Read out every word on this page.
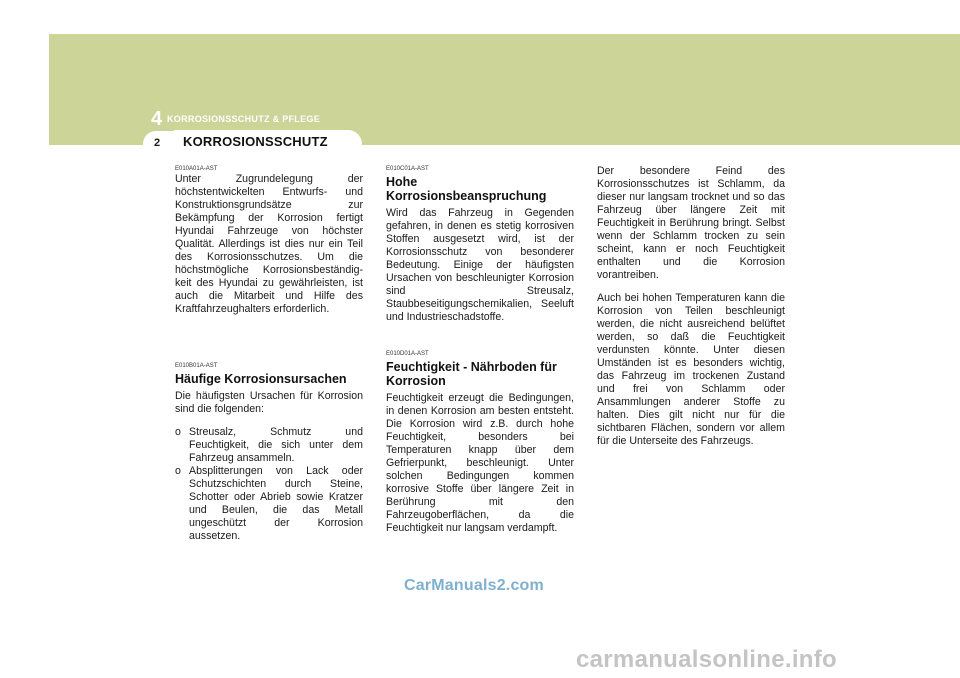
4 KORROSIONSSCHUTZ & PFLEGE
2 KORROSIONSSCHUTZ

E010A01A-AST

Unter Zugrundelegung der höchstentwickelten Entwurfs- und Konstruktionsgrundsätze zur Bekämpfung der Korrosion fertigt Hyundai Fahrzeuge von höchster Qualität. Allerdings ist dies nur ein Teil des Korrosionsschutzes. Um die höchstmögliche Korrosionsbeständig-keit des Hyundai zu gewährleisten, ist auch die Mitarbeit und Hilfe des Kraftfahrzeughalters erforderlich.

E010B01A-AST

Häufige Korrosionsursachen

Die häufigsten Ursachen für Korrosion sind die folgenden:

o Streusalz, Schmutz und Feuchtigkeit, die sich unter dem Fahrzeug ansammeln.
o Absplitterungen von Lack oder Schutzschichten durch Steine, Schotter oder Abrieb sowie Kratzer und Beulen, die das Metall ungeschützt der Korrosion aussetzen.

E010C01A-AST

Hohe Korrosionsbeanspruchung

Wird das Fahrzeug in Gegenden gefahren, in denen es stetig korrosiven Stoffen ausgesetzt wird, ist der Korrosionsschutz von besonderer Bedeutung. Einige der häufigsten Ursachen von beschleunigter Korrosion sind Streusalz, Staubbeseitigungschemikalien, Seeluft und Industrieschadstoffe.

E010D01A-AST

Feuchtigkeit - Nährboden für Korrosion

Feuchtigkeit erzeugt die Bedingungen, in denen Korrosion am besten entsteht. Die Korrosion wird z.B. durch hohe Feuchtigkeit, besonders bei Temperaturen knapp über dem Gefrierpunkt, beschleunigt. Unter solchen Bedingungen kommen korrosive Stoffe über längere Zeit in Berührung mit den Fahrzeugoberflächen, da die Feuchtigkeit nur langsam verdampft.

Der besondere Feind des Korrosionsschutzes ist Schlamm, da dieser nur langsam trocknet und so das Fahrzeug über längere Zeit mit Feuchtigkeit in Berührung bringt. Selbst wenn der Schlamm trocken zu sein scheint, kann er noch Feuchtigkeit enthalten und die Korrosion vorantreiben.

Auch bei hohen Temperaturen kann die Korrosion von Teilen beschleunigt werden, die nicht ausreichend belüftet werden, so daß die Feuchtigkeit verdunsten könnte. Unter diesen Umständen ist es besonders wichtig, das Fahrzeug im trockenen Zustand und frei von Schlamm oder Ansammlungen anderer Stoffe zu halten. Dies gilt nicht nur für die sichtbaren Flächen, sondern vor allem für die Unterseite des Fahrzeugs.

CarManuals2.com
carmanualsonline.info
